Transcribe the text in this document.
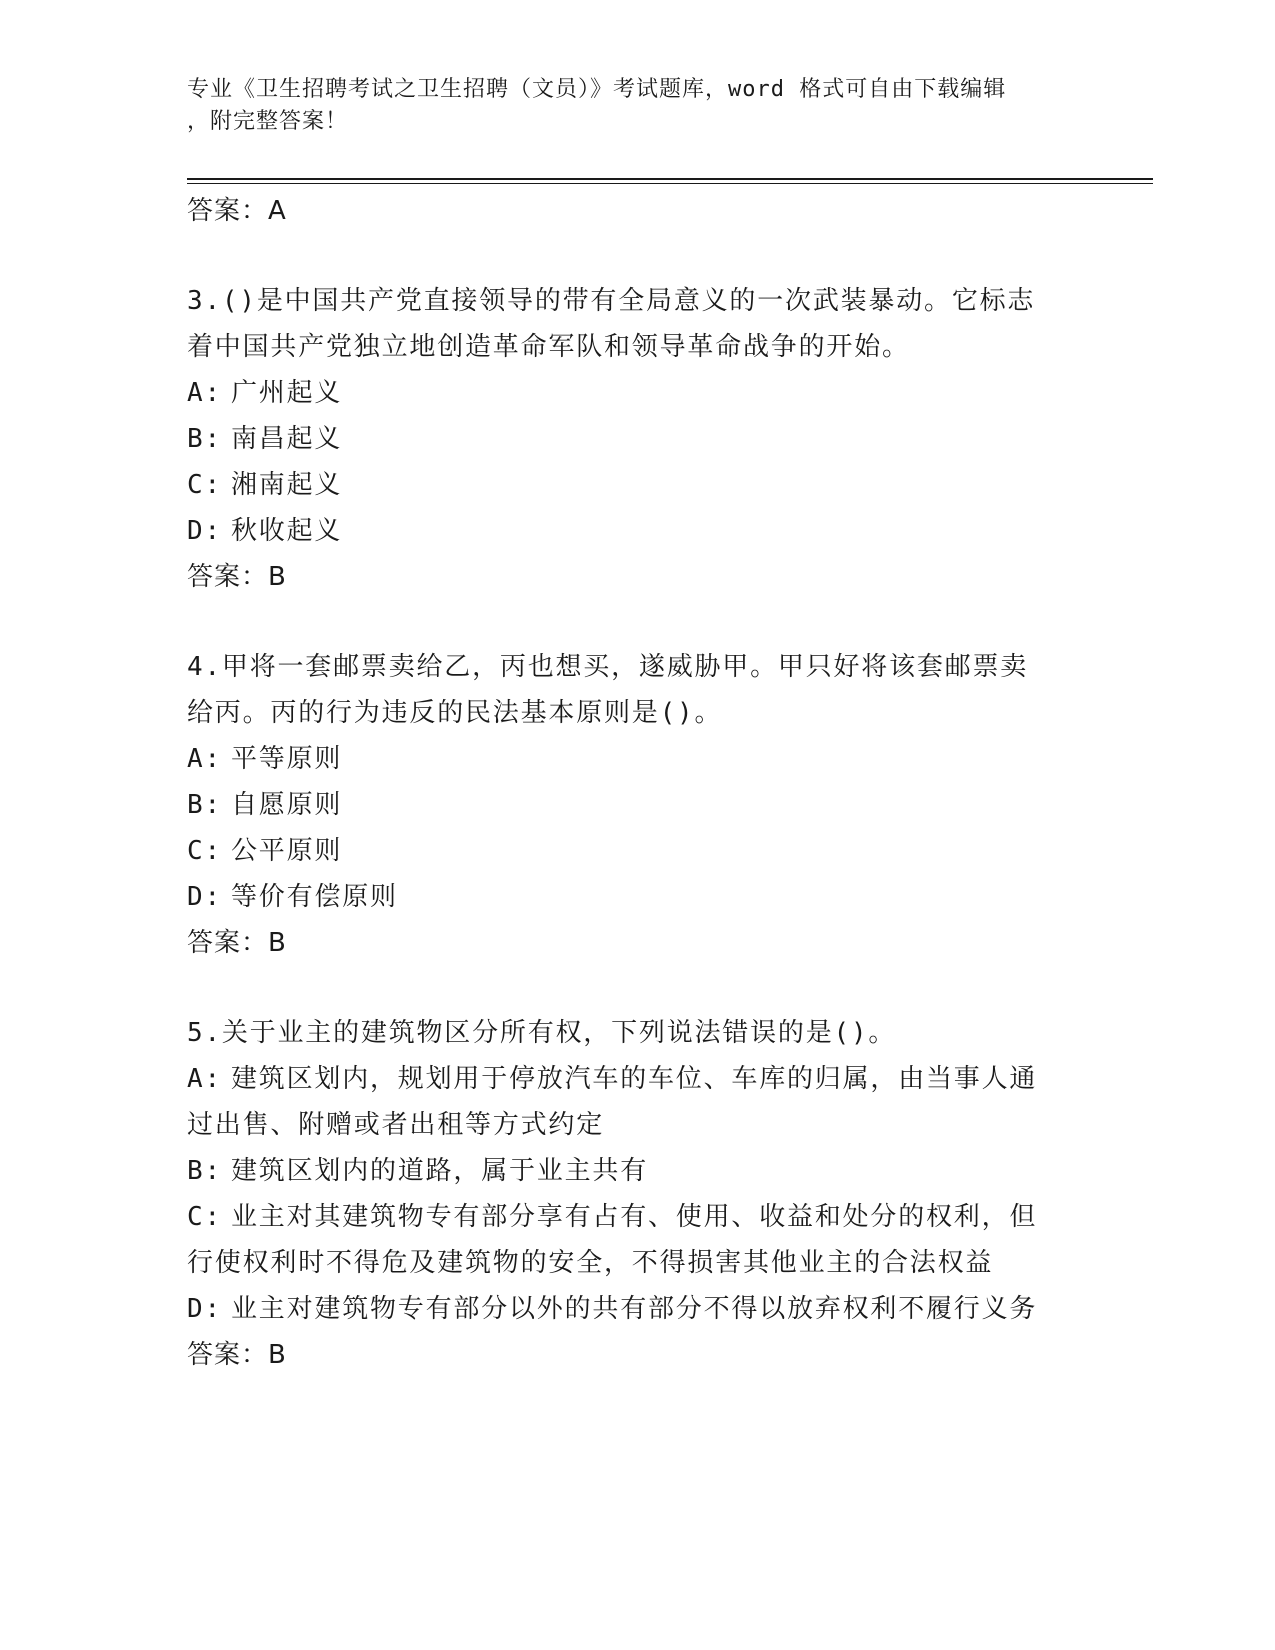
专业《卫生招聘考试之卫生招聘（文员）》考试题库，word 格式可自由下载编辑
，附完整答案！
答案：A
3.()是中国共产党直接领导的带有全局意义的一次武装暴动。它标志
着中国共产党独立地创造革命军队和领导革命战争的开始。
A: 广州起义
B: 南昌起义
C: 湘南起义
D: 秋收起义
答案：B
4.甲将一套邮票卖给乙，丙也想买，遂威胁甲。甲只好将该套邮票卖
给丙。丙的行为违反的民法基本原则是()。
A: 平等原则
B: 自愿原则
C: 公平原则
D: 等价有偿原则
答案：B
5.关于业主的建筑物区分所有权，下列说法错误的是()。
A: 建筑区划内，规划用于停放汽车的车位、车库的归属，由当事人通
过出售、附赠或者出租等方式约定
B: 建筑区划内的道路，属于业主共有
C: 业主对其建筑物专有部分享有占有、使用、收益和处分的权利，但
行使权利时不得危及建筑物的安全，不得损害其他业主的合法权益
D: 业主对建筑物专有部分以外的共有部分不得以放弃权利不履行义务
答案：B
